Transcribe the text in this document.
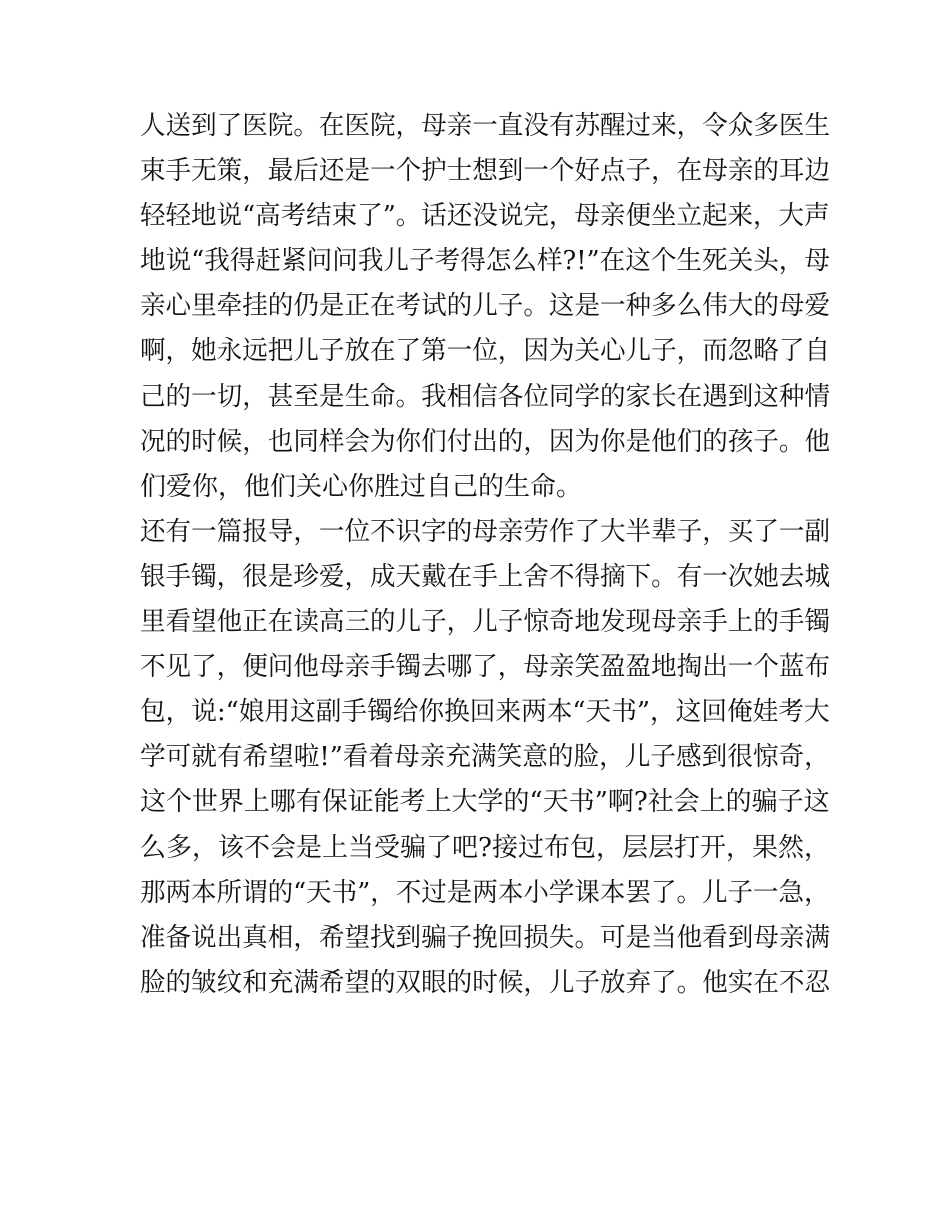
人送到了医院。在医院，母亲一直没有苏醒过来，令众多医生
束手无策，最后还是一个护士想到一个好点子，在母亲的耳边
轻轻地说“高考结束了”。话还没说完，母亲便坐立起来，大声
地说“我得赶紧问问我儿子考得怎么样?!”在这个生死关头，母
亲心里牵挂的仍是正在考试的儿子。这是一种多么伟大的母爱
啊，她永远把儿子放在了第一位，因为关心儿子，而忽略了自
己的一切，甚至是生命。我相信各位同学的家长在遇到这种情
况的时候，也同样会为你们付出的，因为你是他们的孩子。他
们爱你，他们关心你胜过自己的生命。
还有一篇报导，一位不识字的母亲劳作了大半辈子，买了一副
银手镯，很是珍爱，成天戴在手上舍不得摘下。有一次她去城
里看望他正在读高三的儿子，儿子惊奇地发现母亲手上的手镯
不见了，便问他母亲手镯去哪了，母亲笑盈盈地掏出一个蓝布
包，说:“娘用这副手镯给你换回来两本“天书”，这回俺娃考大
学可就有希望啦!”看着母亲充满笑意的脸，儿子感到很惊奇，
这个世界上哪有保证能考上大学的“天书”啊?社会上的骗子这
么多，该不会是上当受骗了吧?接过布包，层层打开，果然，
那两本所谓的“天书”，不过是两本小学课本罢了。儿子一急，
准备说出真相，希望找到骗子挽回损失。可是当他看到母亲满
脸的皱纹和充满希望的双眼的时候，儿子放弃了。他实在不忍
